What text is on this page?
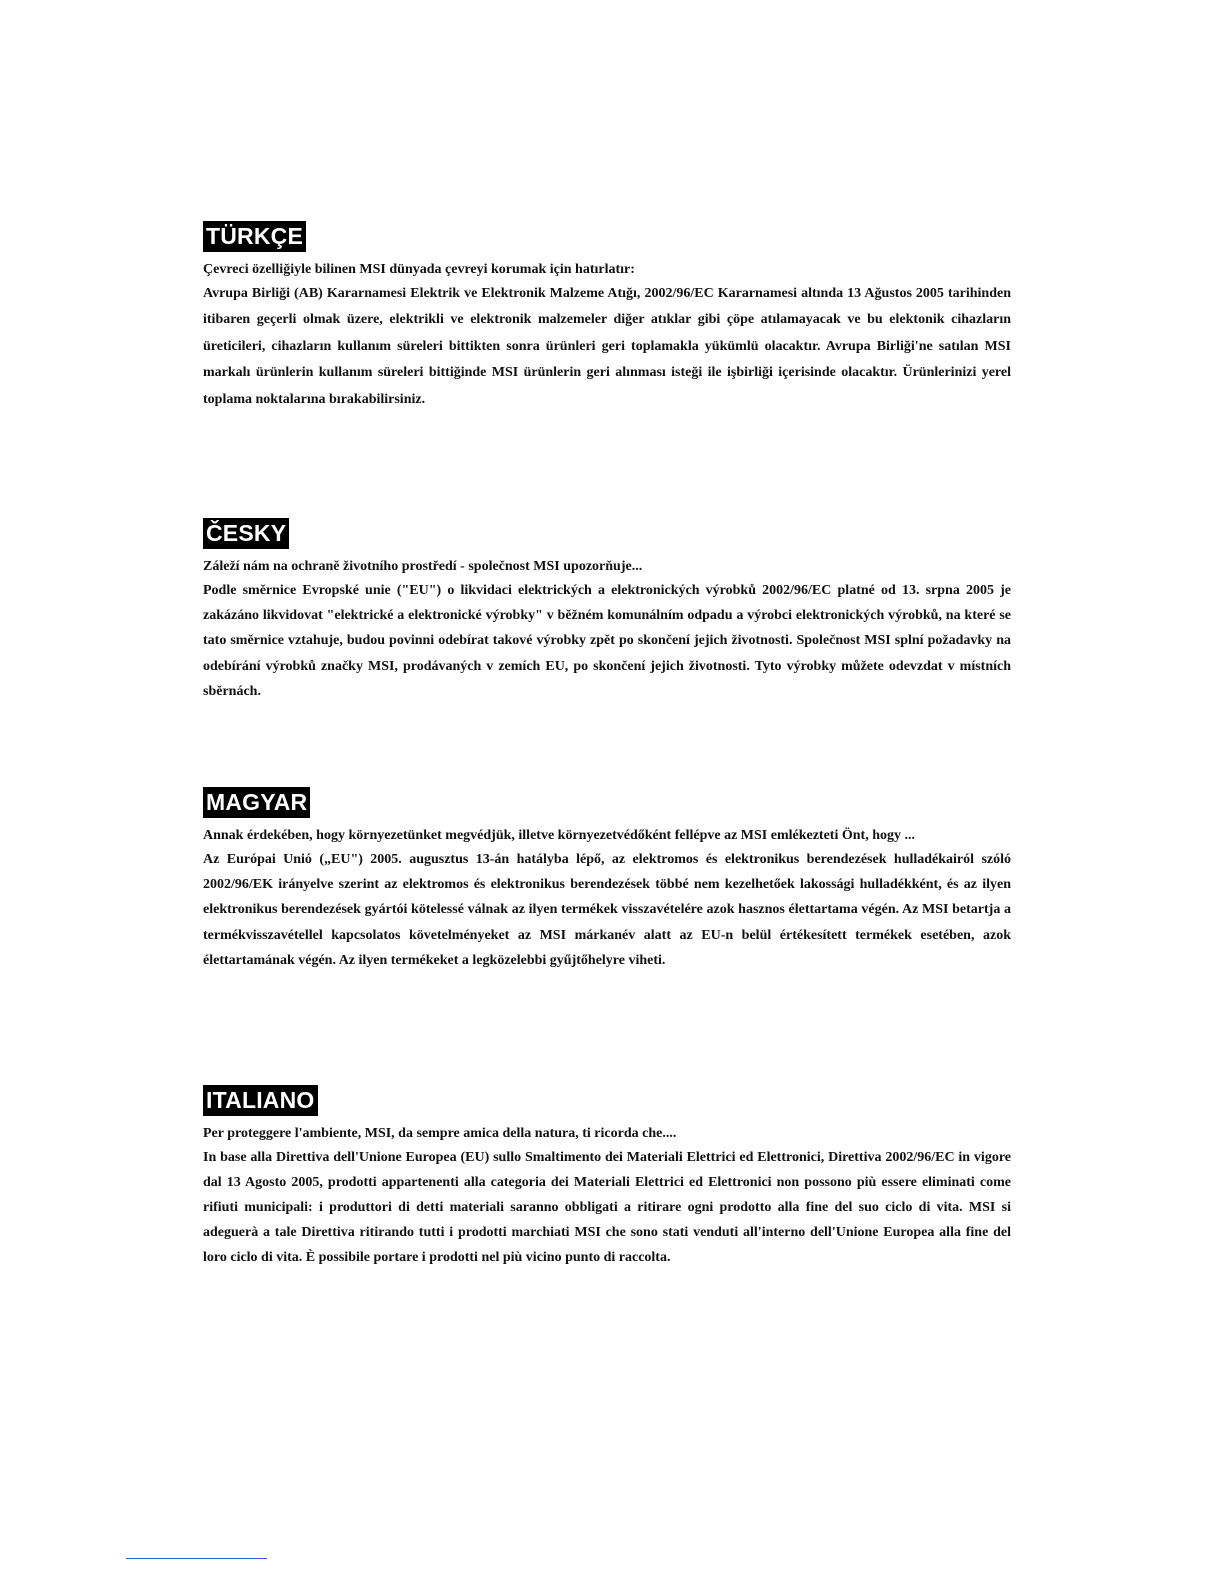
TÜRKÇE
Çevreci özelliğiyle bilinen MSI dünyada çevreyi korumak için hatırlatır:
Avrupa Birliği (AB) Kararnamesi Elektrik ve Elektronik Malzeme Atığı, 2002/96/EC Kararnamesi altında 13 Ağustos 2005 tarihinden itibaren geçerli olmak üzere, elektrikli ve elektronik malzemeler diğer atıklar gibi çöpe atılamayacak ve bu elektonik cihazların üreticileri, cihazların kullanım süreleri bittikten sonra ürünleri geri toplamakla yükümlü olacaktır. Avrupa Birliği'ne satılan MSI markalı ürünlerin kullanım süreleri bittiğinde MSI ürünlerin geri alınması isteği ile işbirliği içerisinde olacaktır. Ürünlerinizi yerel toplama noktalarına bırakabilirsiniz.
ČESKY
Záleží nám na ochraně životního prostředí - společnost MSI upozorňuje...
Podle směrnice Evropské unie ("EU") o likvidaci elektrických a elektronických výrobků 2002/96/EC platné od 13. srpna 2005 je zakázáno likvidovat "elektrické a elektronické výrobky" v běžném komunálním odpadu a výrobci elektronických výrobků, na které se tato směrnice vztahuje, budou povinni odebírat takové výrobky zpět po skončení jejich životnosti. Společnost MSI splní požadavky na odebírání výrobků značky MSI, prodávaných v zemích EU, po skončení jejich životnosti. Tyto výrobky můžete odevzdat v místních sběrnách.
MAGYAR
Annak érdekében, hogy környezetünket megvédjük, illetve környezetvédőként fellépve az MSI emlékezteti Önt, hogy ...
Az Európai Unió („EU") 2005. augusztus 13-án hatályba lépő, az elektromos és elektronikus berendezések hulladékairól szóló 2002/96/EK irányelve szerint az elektromos és elektronikus berendezések többé nem kezelhetőek lakossági hulladékként, és az ilyen elektronikus berendezések gyártói kötelessé válnak az ilyen termékek visszavételére azok hasznos élettartama végén. Az MSI betartja a termékvisszavétellel kapcsolatos követelményeket az MSI márkanév alatt az EU-n belül értékesített termékek esetében, azok élettartamának végén. Az ilyen termékeket a legközelebbi gyűjtőhelyre viheti.
ITALIANO
Per proteggere l'ambiente, MSI, da sempre amica della natura, ti ricorda che....
In base alla Direttiva dell'Unione Europea (EU) sullo Smaltimento dei Materiali Elettrici ed Elettronici, Direttiva 2002/96/EC in vigore dal 13 Agosto 2005, prodotti appartenenti alla categoria dei Materiali Elettrici ed Elettronici non possono più essere eliminati come rifiuti municipali: i produttori di detti materiali saranno obbligati a ritirare ogni prodotto alla fine del suo ciclo di vita. MSI si adeguerà a tale Direttiva ritirando tutti i prodotti marchiati MSI che sono stati venduti all'interno dell'Unione Europea alla fine del loro ciclo di vita. È possibile portare i prodotti nel più vicino punto di raccolta.
